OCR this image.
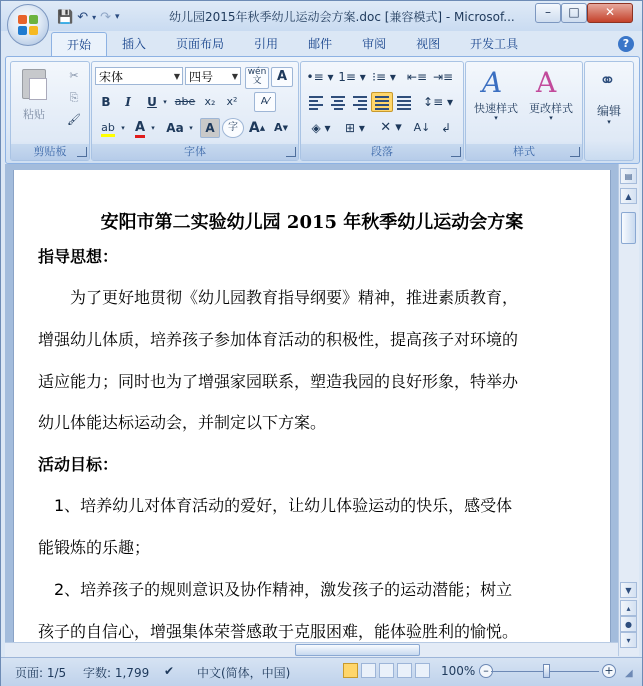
💾 ↶ ▾ ↷ ▾	幼儿园2015年秋季幼儿运动会方案.doc [兼容模式] - Microsof...	–	□	✕
开始	插入	页面布局	引用	邮件	审阅	视图	开发工具	?
粘贴
✂
⎘
🖌
剪贴板
宋体	▼ 四号 ▼ wén
文	A
B	I	U ▾ abe x₂	x²	A⁄
ab ▾ A ▾ Aa ▾	A	字 A▲ A▼
字体
•≡ ▾ 1≡ ▾ ⁝≡ ▾ ⇤≡ ⇥≡
↕≡ ▾
◈ ▾	⊞ ▾	✕ ▾	A↓ ↲
段落
A
快速样式
▾
A
更改样式
▾
样式
⚭
编辑
▾
安阳市第二实验幼儿园 2015 年秋季幼儿运动会方案
指导思想：
　　为了更好地贯彻《幼儿园教育指导纲要》精神，推进素质教育，
增强幼儿体质，培养孩子参加体育活动的积极性，提高孩子对环境的
适应能力；同时也为了增强家园联系，塑造我园的良好形象，特举办
幼儿体能达标运动会，并制定以下方案。
活动目标：
　1、培养幼儿对体育活动的爱好，让幼儿体验运动的快乐，感受体
能锻炼的乐趣；
　2、培养孩子的规则意识及协作精神，激发孩子的运动潜能；树立
孩子的自信心，增强集体荣誉感敢于克服困难，能体验胜利的愉悦。
▤
▲
▼
▴
●
▾
页面: 1/5 字数: 1,799 ✔ 中文(简体，中国)	100% –	+ ◢
